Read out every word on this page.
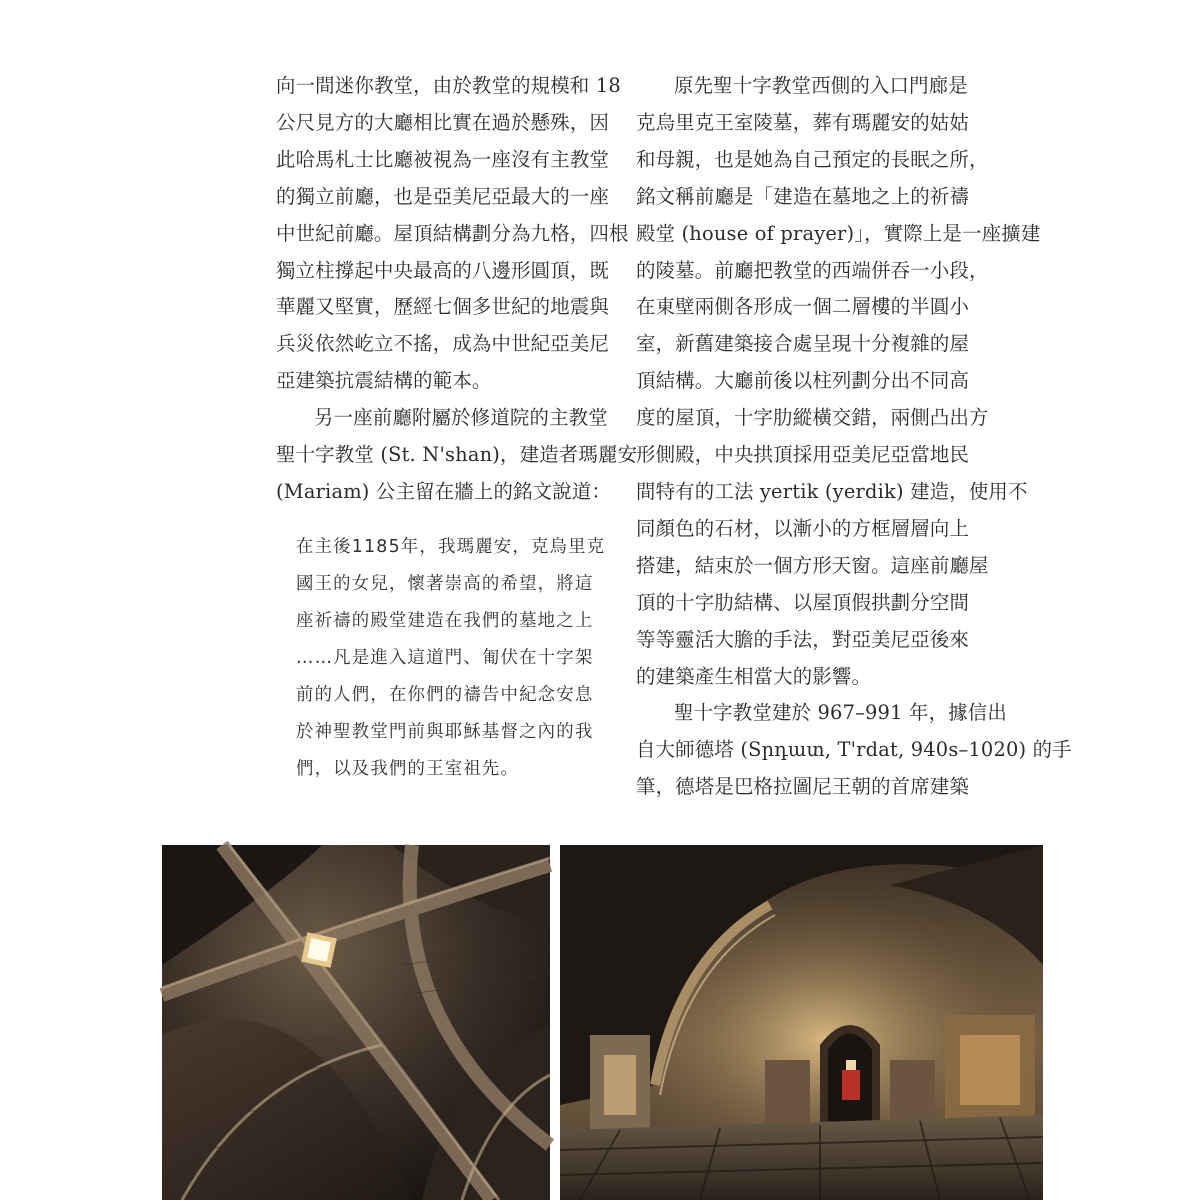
向一間迷你教堂，由於教堂的規模和 18
公尺見方的大廳相比實在過於懸殊，因
此哈馬札士比廳被視為一座沒有主教堂
的獨立前廳，也是亞美尼亞最大的一座
中世紀前廳。屋頂結構劃分為九格，四根
獨立柱撐起中央最高的八邊形圓頂，既
華麗又堅實，歷經七個多世紀的地震與
兵災依然屹立不搖，成為中世紀亞美尼
亞建築抗震結構的範本。

另一座前廳附屬於修道院的主教堂
聖十字教堂 (St. N'shan)，建造者瑪麗安
(Mariam) 公主留在牆上的銘文說道：

在主後1185年，我瑪麗安，克烏里克
國王的女兒，懷著崇高的希望，將這
座祈禱的殿堂建造在我們的墓地之上
……凡是進入這道門、匍伏在十字架
前的人們，在你們的禱告中紀念安息
於神聖教堂門前與耶穌基督之內的我
們，以及我們的王室祖先。

原先聖十字教堂西側的入口門廊是
克烏里克王室陵墓，葬有瑪麗安的姑姑
和母親，也是她為自己預定的長眠之所，
銘文稱前廳是「建造在墓地之上的祈禱
殿堂 (house of prayer)」，實際上是一座擴建
的陵墓。前廳把教堂的西端併吞一小段，
在東壁兩側各形成一個二層樓的半圓小
室，新舊建築接合處呈現十分複雜的屋
頂結構。大廳前後以柱列劃分出不同高
度的屋頂，十字肋縱橫交錯，兩側凸出方
形側殿，中央拱頂採用亞美尼亞當地民
間特有的工法 yertik (yerdik) 建造，使用不
同顏色的石材，以漸小的方框層層向上
搭建，結束於一個方形天窗。這座前廳屋
頂的十字肋結構、以屋頂假拱劃分空間
等等靈活大膽的手法，對亞美尼亞後來
的建築產生相當大的影響。

聖十字教堂建於 967–991 年，據信出
自大師德塔 (Sրդատ, T'rdat, 940s–1020) 的手
筆，德塔是巴格拉圖尼王朝的首席建築
